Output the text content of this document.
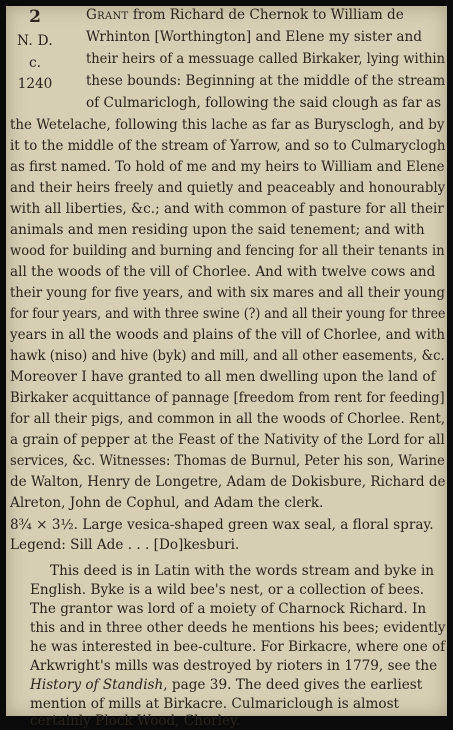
2
N. D.
c.
1240
Grant from Richard de Chernok to William de
Wrhinton [Worthington] and Elene my sister and
their heirs of a messuage called Birkaker, lying within
these bounds: Beginning at the middle of the stream
of Culmariclogh, following the said clough as far as
the Wetelache, following this lache as far as Burysclogh, and by
it to the middle of the stream of Yarrow, and so to Culmaryclogh
as first named. To hold of me and my heirs to William and Elene
and their heirs freely and quietly and peaceably and honourably
with all liberties, &c.; and with common of pasture for all their
animals and men residing upon the said tenement; and with
wood for building and burning and fencing for all their tenants in
all the woods of the vill of Chorlee. And with twelve cows and
their young for five years, and with six mares and all their young
for four years, and with three swine (?) and all their young for three
years in all the woods and plains of the vill of Chorlee, and with
hawk (niso) and hive (byk) and mill, and all other easements, &c.
Moreover I have granted to all men dwelling upon the land of
Birkaker acquittance of pannage [freedom from rent for feeding]
for all their pigs, and common in all the woods of Chorlee. Rent,
a grain of pepper at the Feast of the Nativity of the Lord for all
services, &c. Witnesses: Thomas de Burnul, Peter his son, Warine
de Walton, Henry de Longetre, Adam de Dokisbure, Richard de
Alreton, John de Cophul, and Adam the clerk.
8¾ × 3½. Large vesica-shaped green wax seal, a floral spray.
Legend: Sill Ade . . . [Do]kesburi.
This deed is in Latin with the words stream and byke in
English. Byke is a wild bee's nest, or a collection of bees.
The grantor was lord of a moiety of Charnock Richard. In
this and in three other deeds he mentions his bees; evidently
he was interested in bee-culture. For Birkacre, where one of
Arkwright's mills was destroyed by rioters in 1779, see the
History of Standish, page 39. The deed gives the earliest
mention of mills at Birkacre. Culmariclough is almost
certainly Plock Wood, Chorley.
